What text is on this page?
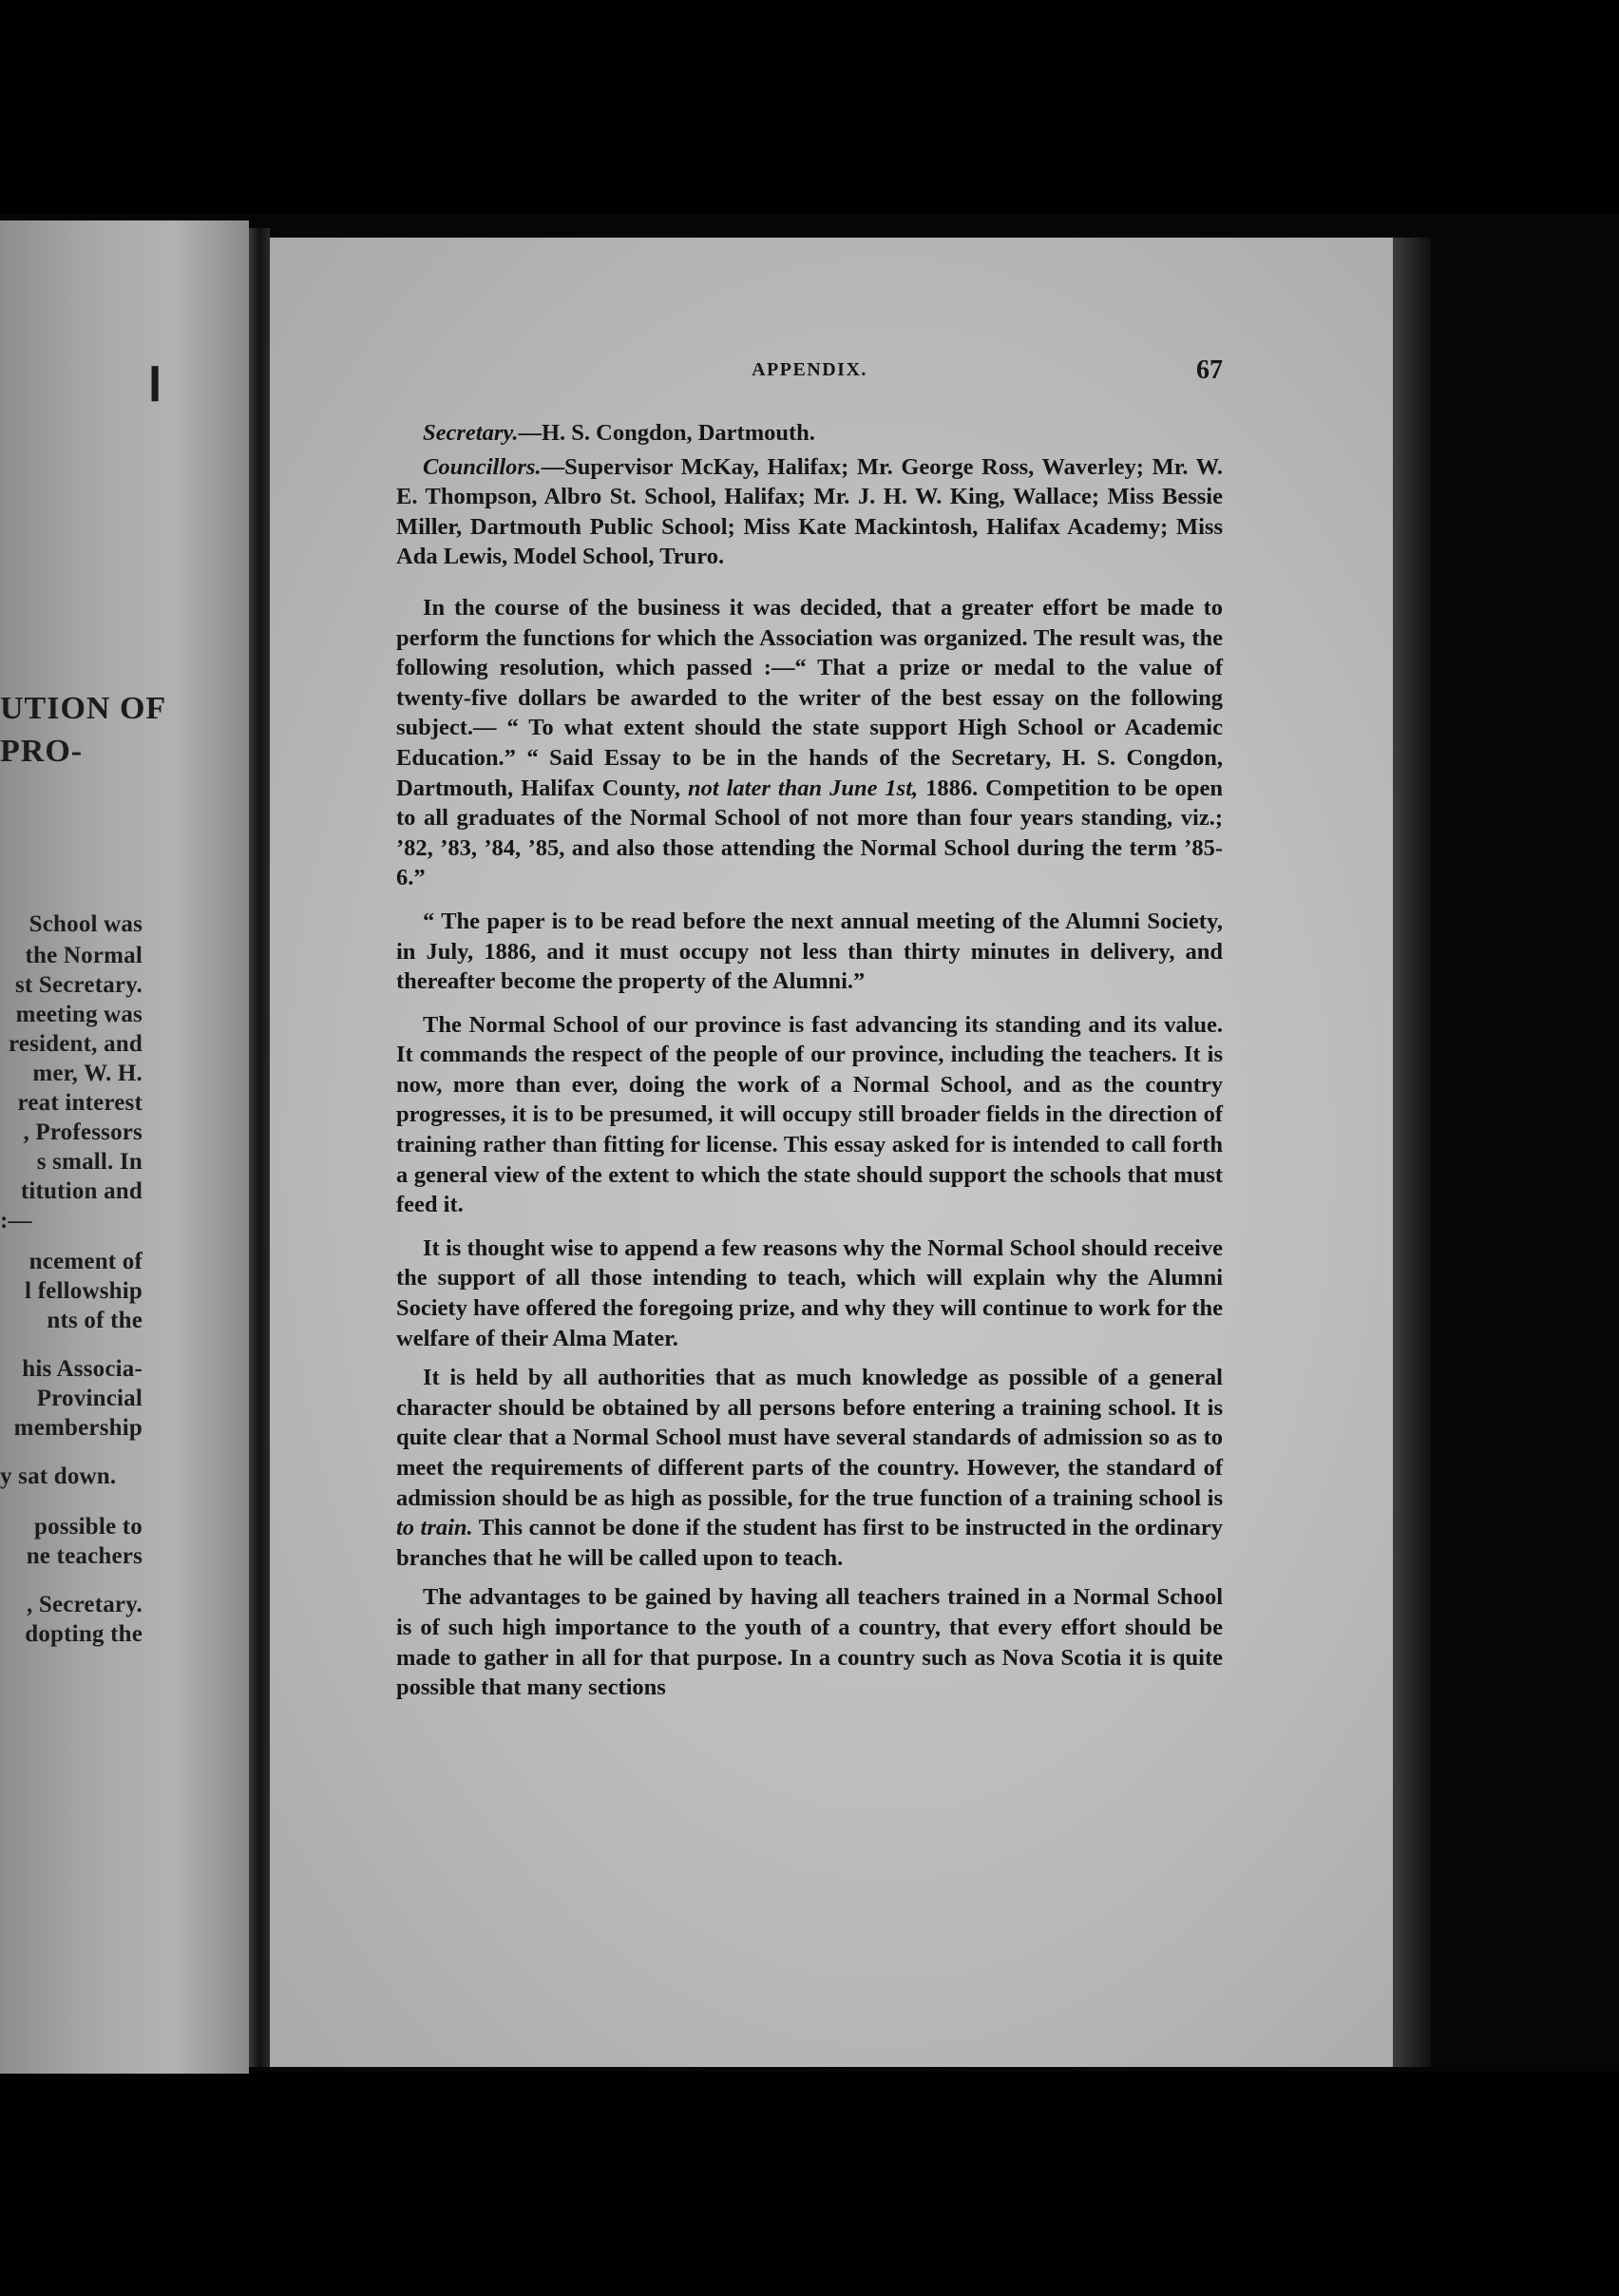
❙
UTION OF
PRO-
School was
the Normal
st Secretary.
meeting was
resident, and
mer, W. H.
reat interest
, Professors
s small. In
titution and
:—
ncement of
l fellowship
nts of the
his Associa-
Provincial
membership
y sat down.
possible to
ne teachers
, Secretary.
dopting the
APPENDIX.	67

Secretary.—H. S. Congdon, Dartmouth.

Councillors.—Supervisor McKay, Halifax; Mr. George Ross, Waverley; Mr. W. E. Thompson, Albro St. School, Halifax; Mr. J. H. W. King, Wallace; Miss Bessie Miller, Dartmouth Public School; Miss Kate Mackintosh, Halifax Academy; Miss Ada Lewis, Model School, Truro.

In the course of the business it was decided, that a greater effort be made to perform the functions for which the Association was organized. The result was, the following resolution, which passed :—“ That a prize or medal to the value of twenty-five dollars be awarded to the writer of the best essay on the following subject.— “ To what extent should the state support High School or Academic Education.” “ Said Essay to be in the hands of the Secretary, H. S. Congdon, Dartmouth, Halifax County, not later than June 1st, 1886. Competition to be open to all graduates of the Normal School of not more than four years standing, viz.; ’82, ’83, ’84, ’85, and also those attending the Normal School during the term ’85-6.”

“ The paper is to be read before the next annual meeting of the Alumni Society, in July, 1886, and it must occupy not less than thirty minutes in delivery, and thereafter become the property of the Alumni.”

The Normal School of our province is fast advancing its standing and its value. It commands the respect of the people of our province, including the teachers. It is now, more than ever, doing the work of a Normal School, and as the country progresses, it is to be presumed, it will occupy still broader fields in the direction of training rather than fitting for license. This essay asked for is intended to call forth a general view of the extent to which the state should support the schools that must feed it.

It is thought wise to append a few reasons why the Normal School should receive the support of all those intending to teach, which will explain why the Alumni Society have offered the foregoing prize, and why they will continue to work for the welfare of their Alma Mater.

It is held by all authorities that as much knowledge as possible of a general character should be obtained by all persons before entering a training school. It is quite clear that a Normal School must have several standards of admission so as to meet the requirements of different parts of the country. However, the standard of admission should be as high as possible, for the true function of a training school is to train. This cannot be done if the student has first to be instructed in the ordinary branches that he will be called upon to teach.

The advantages to be gained by having all teachers trained in a Normal School is of such high importance to the youth of a country, that every effort should be made to gather in all for that purpose. In a country such as Nova Scotia it is quite possible that many sections
